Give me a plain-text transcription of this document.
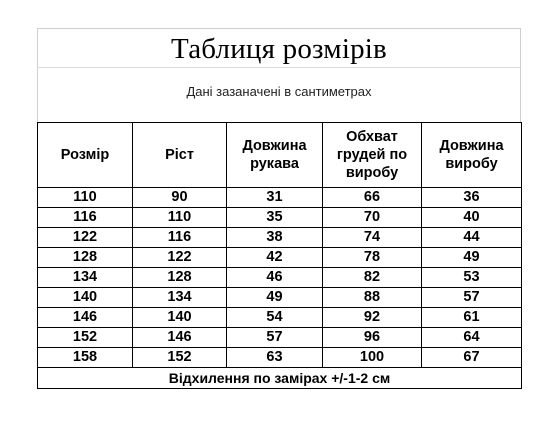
Таблиця розмірів
Дані зазаначені в сантиметрах
Розмір	Ріст	Довжина рукава	Обхват грудей по виробу	Довжина виробу
110	90	31	66	36
116	110	35	70	40
122	116	38	74	44
128	122	42	78	49
134	128	46	82	53
140	134	49	88	57
146	140	54	92	61
152	146	57	96	64
158	152	63	100	67
Відхилення по замірах +/-1-2 см				
